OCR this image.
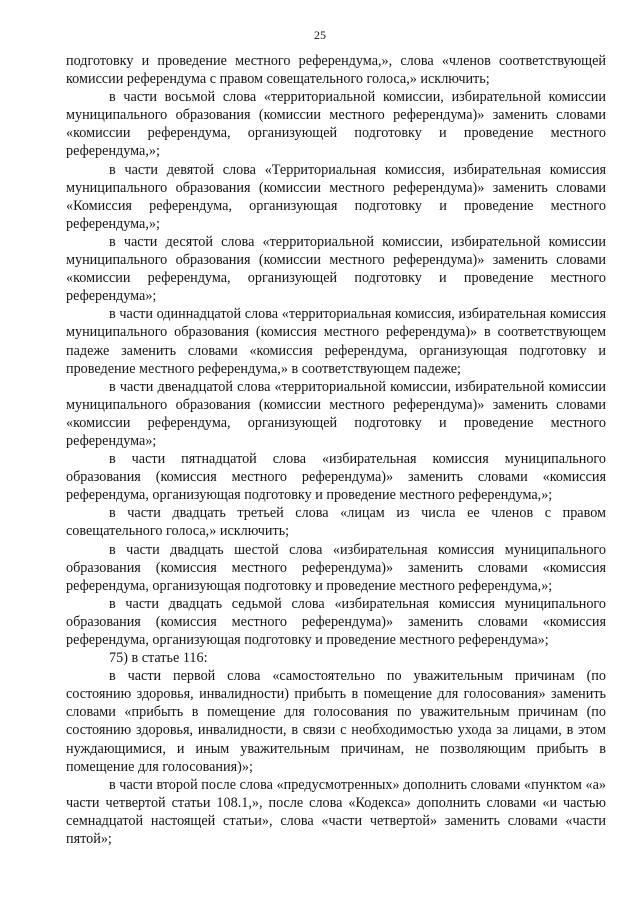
25

подготовку и проведение местного референдума,», слова «членов соответствующей комиссии референдума с правом совещательного голоса,» исключить;

в части восьмой слова «территориальной комиссии, избирательной комиссии муниципального образования (комиссии местного референдума)» заменить словами «комиссии референдума, организующей подготовку и проведение местного референдума,»;

в части девятой слова «Территориальная комиссия, избирательная комиссия муниципального образования (комиссии местного референдума)» заменить словами «Комиссия референдума, организующая подготовку и проведение местного референдума,»;

в части десятой слова «территориальной комиссии, избирательной комиссии муниципального образования (комиссии местного референдума)» заменить словами «комиссии референдума, организующей подготовку и проведение местного референдума»;

в части одиннадцатой слова «территориальная комиссия, избирательная комиссия муниципального образования (комиссия местного референдума)» в соответствующем падеже заменить словами «комиссия референдума, организующая подготовку и проведение местного референдума,» в соответствующем падеже;

в части двенадцатой слова «территориальной комиссии, избирательной комиссии муниципального образования (комиссии местного референдума)» заменить словами «комиссии референдума, организующей подготовку и проведение местного референдума»;

в части пятнадцатой слова «избирательная комиссия муниципального образования (комиссия местного референдума)» заменить словами «комиссия референдума, организующая подготовку и проведение местного референдума,»;

в части двадцать третьей слова «лицам из числа ее членов с правом совещательного голоса,» исключить;

в части двадцать шестой слова «избирательная комиссия муниципального образования (комиссия местного референдума)» заменить словами «комиссия референдума, организующая подготовку и проведение местного референдума,»;

в части двадцать седьмой слова «избирательная комиссия муниципального образования (комиссия местного референдума)» заменить словами «комиссия референдума, организующая подготовку и проведение местного референдума»;

75) в статье 116:

в части первой слова «самостоятельно по уважительным причинам (по состоянию здоровья, инвалидности) прибыть в помещение для голосования» заменить словами «прибыть в помещение для голосования по уважительным причинам (по состоянию здоровья, инвалидности, в связи с необходимостью ухода за лицами, в этом нуждающимися, и иным уважительным причинам, не позволяющим прибыть в помещение для голосования)»;

в части второй после слова «предусмотренных» дополнить словами «пунктом «а» части четвертой статьи 108.1,», после слова «Кодекса» дополнить словами «и частью семнадцатой настоящей статьи», слова «части четвертой» заменить словами «части пятой»;
